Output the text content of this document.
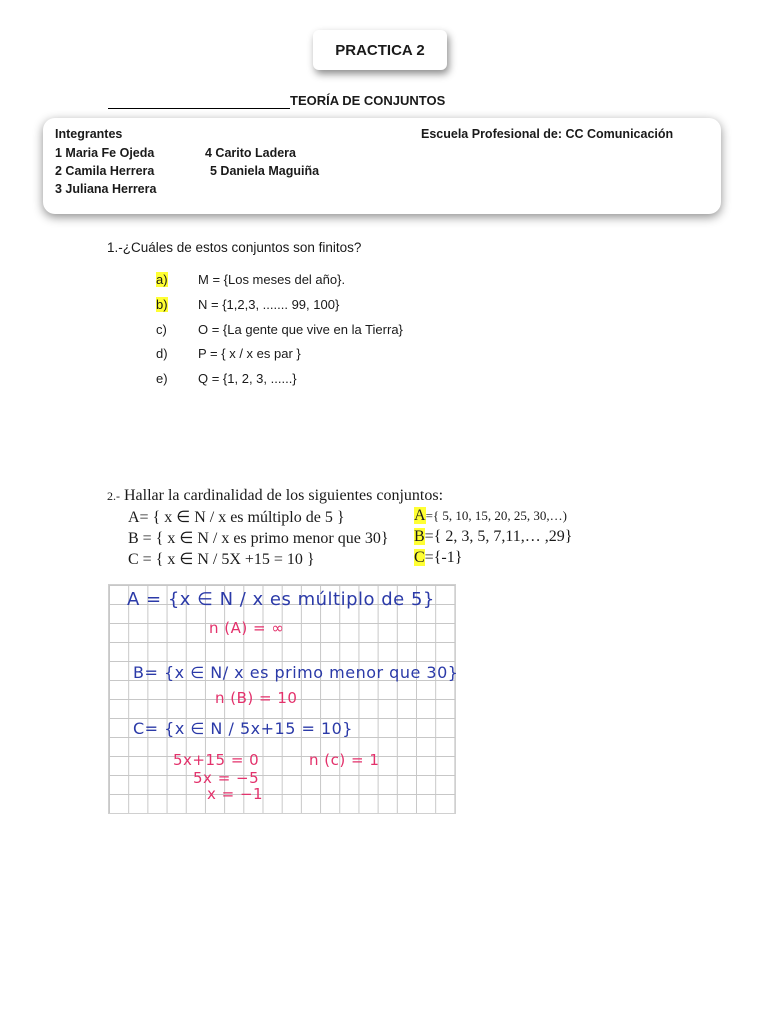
PRACTICA 2
TEORÍA DE CONJUNTOS
Integrantes	Escuela Profesional de: CC Comunicación
1 Maria Fe Ojeda
2 Camila Herrera
3 Juliana Herrera
4 Carito Ladera
5 Daniela Maguiña
1.-¿Cuáles de estos conjuntos son finitos?
a) M = {Los meses del año}.
b) N = {1,2,3, ....... 99, 100}
c) O = {La gente que vive en la Tierra}
d) P = { x / x es par }
e) Q = {1, 2, 3, ......}
2.- Hallar la cardinalidad de los siguientes conjuntos:
A= { x ∈ N / x es múltiplo de 5 }
B = { x ∈ N / x es primo menor que 30}
C = { x ∈ N / 5X +15 = 10 }
A={ 5, 10, 15, 20, 25, 30,…)
B={ 2, 3, 5, 7,11,… ,29}
C={-1}
A = {x ∈ N / x es múltiplo de 5}
n (A) = ∞
B= {x ∈ N/ x es primo menor que 30}
n (B) = 10
C= {x ∈ N / 5x+15 = 10}
5x+15 = 0	n (c) = 1
5x = −5
x = −1
